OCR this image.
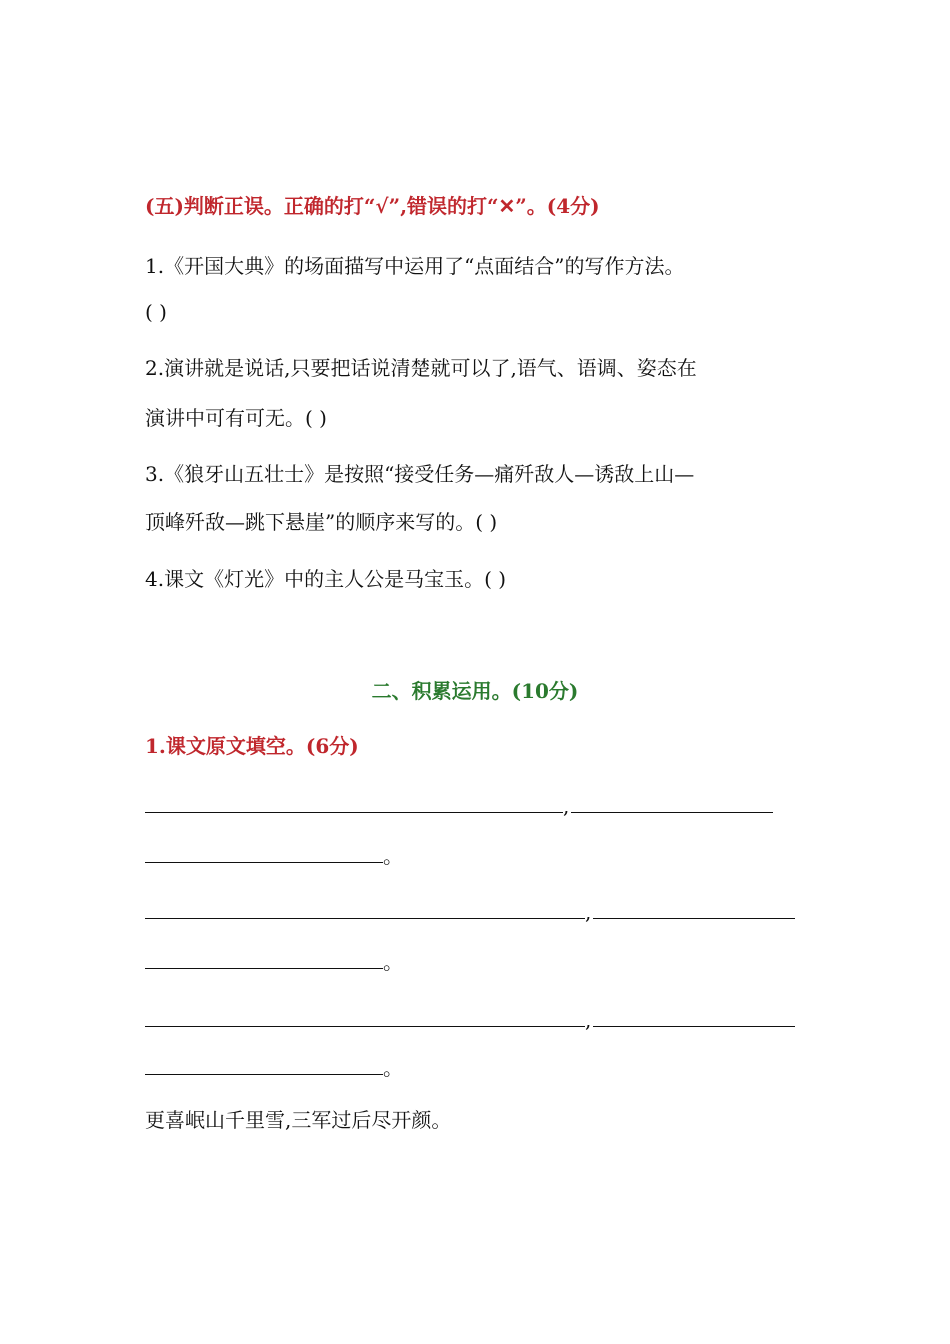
(五)判断正误。正确的打“√”,错误的打“✕”。(4分)
1.《开国大典》的场面描写中运用了“点面结合”的写作方法。
( )
2.演讲就是说话,只要把话说清楚就可以了,语气、语调、姿态在
演讲中可有可无。( )
3.《狼牙山五壮士》是按照“接受任务—痛歼敌人—诱敌上山—
顶峰歼敌—跳下悬崖”的顺序来写的。( )
4.课文《灯光》中的主人公是马宝玉。( )
二、积累运用。(10分)
1.课文原文填空。(6分)
,
。
,
。
,
。
更喜岷山千里雪,三军过后尽开颜。
